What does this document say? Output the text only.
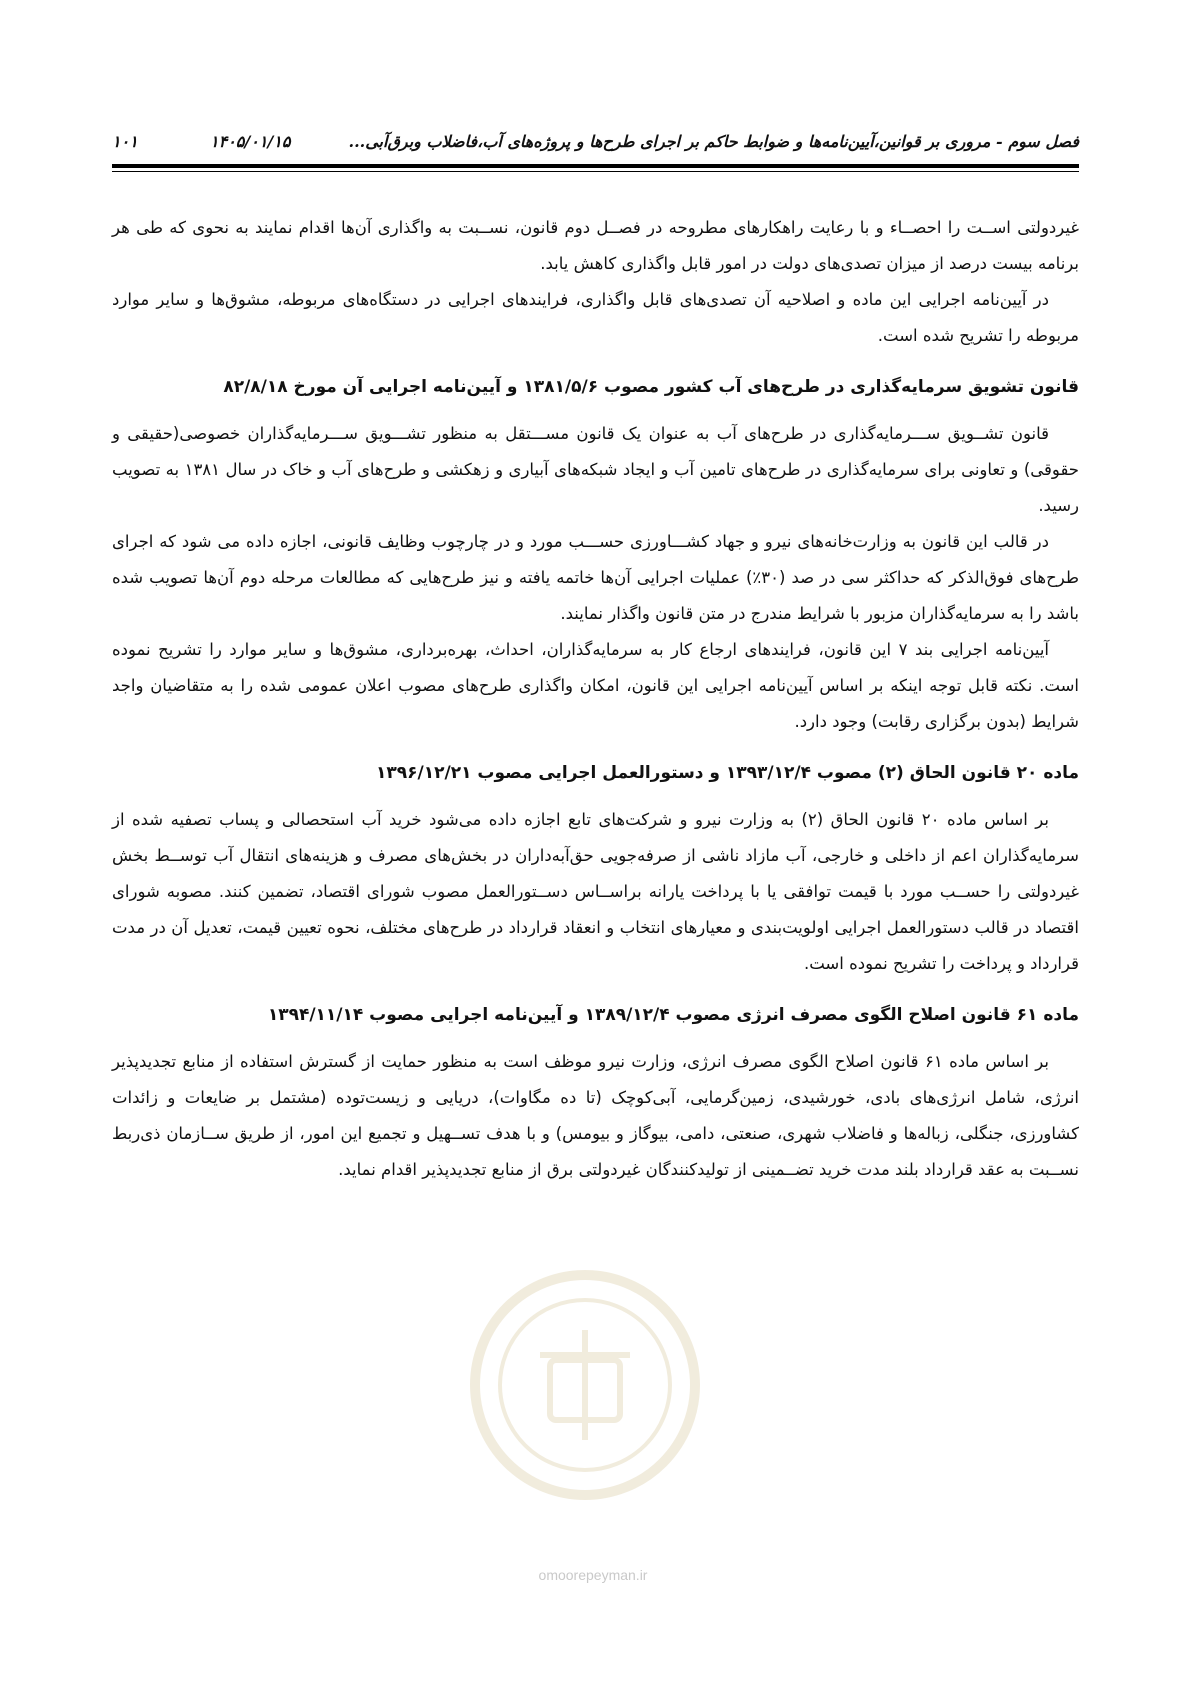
فصل سوم - مروری بر قوانین،آیین‌نامه‌ها و ضوابط حاکم بر اجرای طرح‌ها و پروژه‌های آب،فاضلاب وبرق‌آبی...
۱۴۰۵/۰۱/۱۵
۱۰۱

غیردولتی اســت را احصــاء و با رعایت راهکارهای مطروحه در فصــل دوم قانون، نســبت به واگذاری آن‌ها اقدام نمایند به نحوی که طی هر برنامه بیست درصد از میزان تصدی‌های دولت در امور قابل واگذاری کاهش یابد.

در آیین‌نامه اجرایی این ماده و اصلاحیه آن تصدی‌های قابل واگذاری، فرایندهای اجرایی در دستگاه‌های مربوطه، مشوق‌ها و سایر موارد مربوطه را تشریح شده است.

قانون تشویق سرمایه‌گذاری در طرح‌های آب کشور مصوب ۱۳۸۱/۵/۶ و آیین‌نامه اجرایی آن مورخ ۸۲/۸/۱۸

قانون تشــویق ســـرمایه‌گذاری در طرح‌های آب به عنوان یک قانون مســـتقل به منظور تشـــویق ســـرمایه‌گذاران خصوصی(حقیقی و حقوقی) و تعاونی برای سرمایه‌گذاری در طرح‌های تامین آب و ایجاد شبکه‌های آبیاری و زهکشی و طرح‌های آب و خاک در سال ۱۳۸۱ به تصویب رسید.

در قالب این قانون به وزارت‌خانه‌های نیرو و جهاد کشـــاورزی حســـب مورد و در چارچوب وظایف قانونی، اجازه داده می شود که اجرای طرح‌های فوق‌الذکر که حداکثر سی در صد (۳۰٪) عملیات اجرایی آن‌ها خاتمه یافته و نیز طرح‌هایی که مطالعات مرحله دوم آن‌ها تصویب شده باشد را به سرمایه‌گذاران مزبور با شرایط مندرج در متن قانون واگذار نمایند.

آیین‌نامه اجرایی بند ۷ این قانون، فرایندهای ارجاع کار به سرمایه‌گذاران، احداث، بهره‌برداری، مشوق‌ها و سایر موارد را تشریح نموده است. نکته قابل توجه اینکه بر اساس آیین‌نامه اجرایی این قانون، امکان واگذاری طرح‌های مصوب اعلان عمومی شده را به متقاضیان واجد شرایط (بدون برگزاری رقابت) وجود دارد.

ماده ۲۰ قانون الحاق (۲) مصوب ۱۳۹۳/۱۲/۴ و دستورالعمل اجرایی مصوب ۱۳۹۶/۱۲/۲۱

بر اساس ماده ۲۰ قانون الحاق (۲) به وزارت نیرو و شرکت‌های تابع اجازه داده می‌شود خرید آب استحصالی و پساب تصفیه شده از سرمایه‌گذاران اعم از داخلی و خارجی، آب مازاد ناشی از صرفه‌جویی حق‌آبه‌داران در بخش‌های مصرف و هزینه‌های انتقال آب توســط بخش غیردولتی را حســب مورد با قیمت توافقی یا با پرداخت یارانه براســاس دســتورالعمل مصوب شورای اقتصاد، تضمین کنند. مصوبه شورای اقتصاد در قالب دستورالعمل اجرایی اولویت‌بندی و معیارهای انتخاب و انعقاد قرارداد در طرح‌های مختلف، نحوه تعیین قیمت، تعدیل آن در مدت قرارداد و پرداخت را تشریح نموده است.

ماده ۶۱ قانون اصلاح الگوی مصرف انرژی مصوب ۱۳۸۹/۱۲/۴ و آیین‌نامه اجرایی مصوب ۱۳۹۴/۱۱/۱۴

بر اساس ماده ۶۱ قانون اصلاح الگوی مصرف انرژی، وزارت نیرو موظف است به منظور حمایت از گسترش استفاده از منابع تجدیدپذیر انرژی، شامل انرژی‌های بادی، خورشیدی، زمین‌گرمایی، آبی‌کوچک (تا ده مگاوات)، دریایی و زیست‌توده (مشتمل بر ضایعات و زائدات کشاورزی، جنگلی، زباله‌ها و فاضلاب شهری، صنعتی، دامی، بیوگاز و بیومس) و با هدف تســهیل و تجمیع این امور، از طریق ســازمان ذی‌ربط نســبت به عقد قرارداد بلند مدت خرید تضــمینی از تولیدکنندگان غیردولتی برق از منابع تجدیدپذیر اقدام نماید.

omoorepeyman.ir
